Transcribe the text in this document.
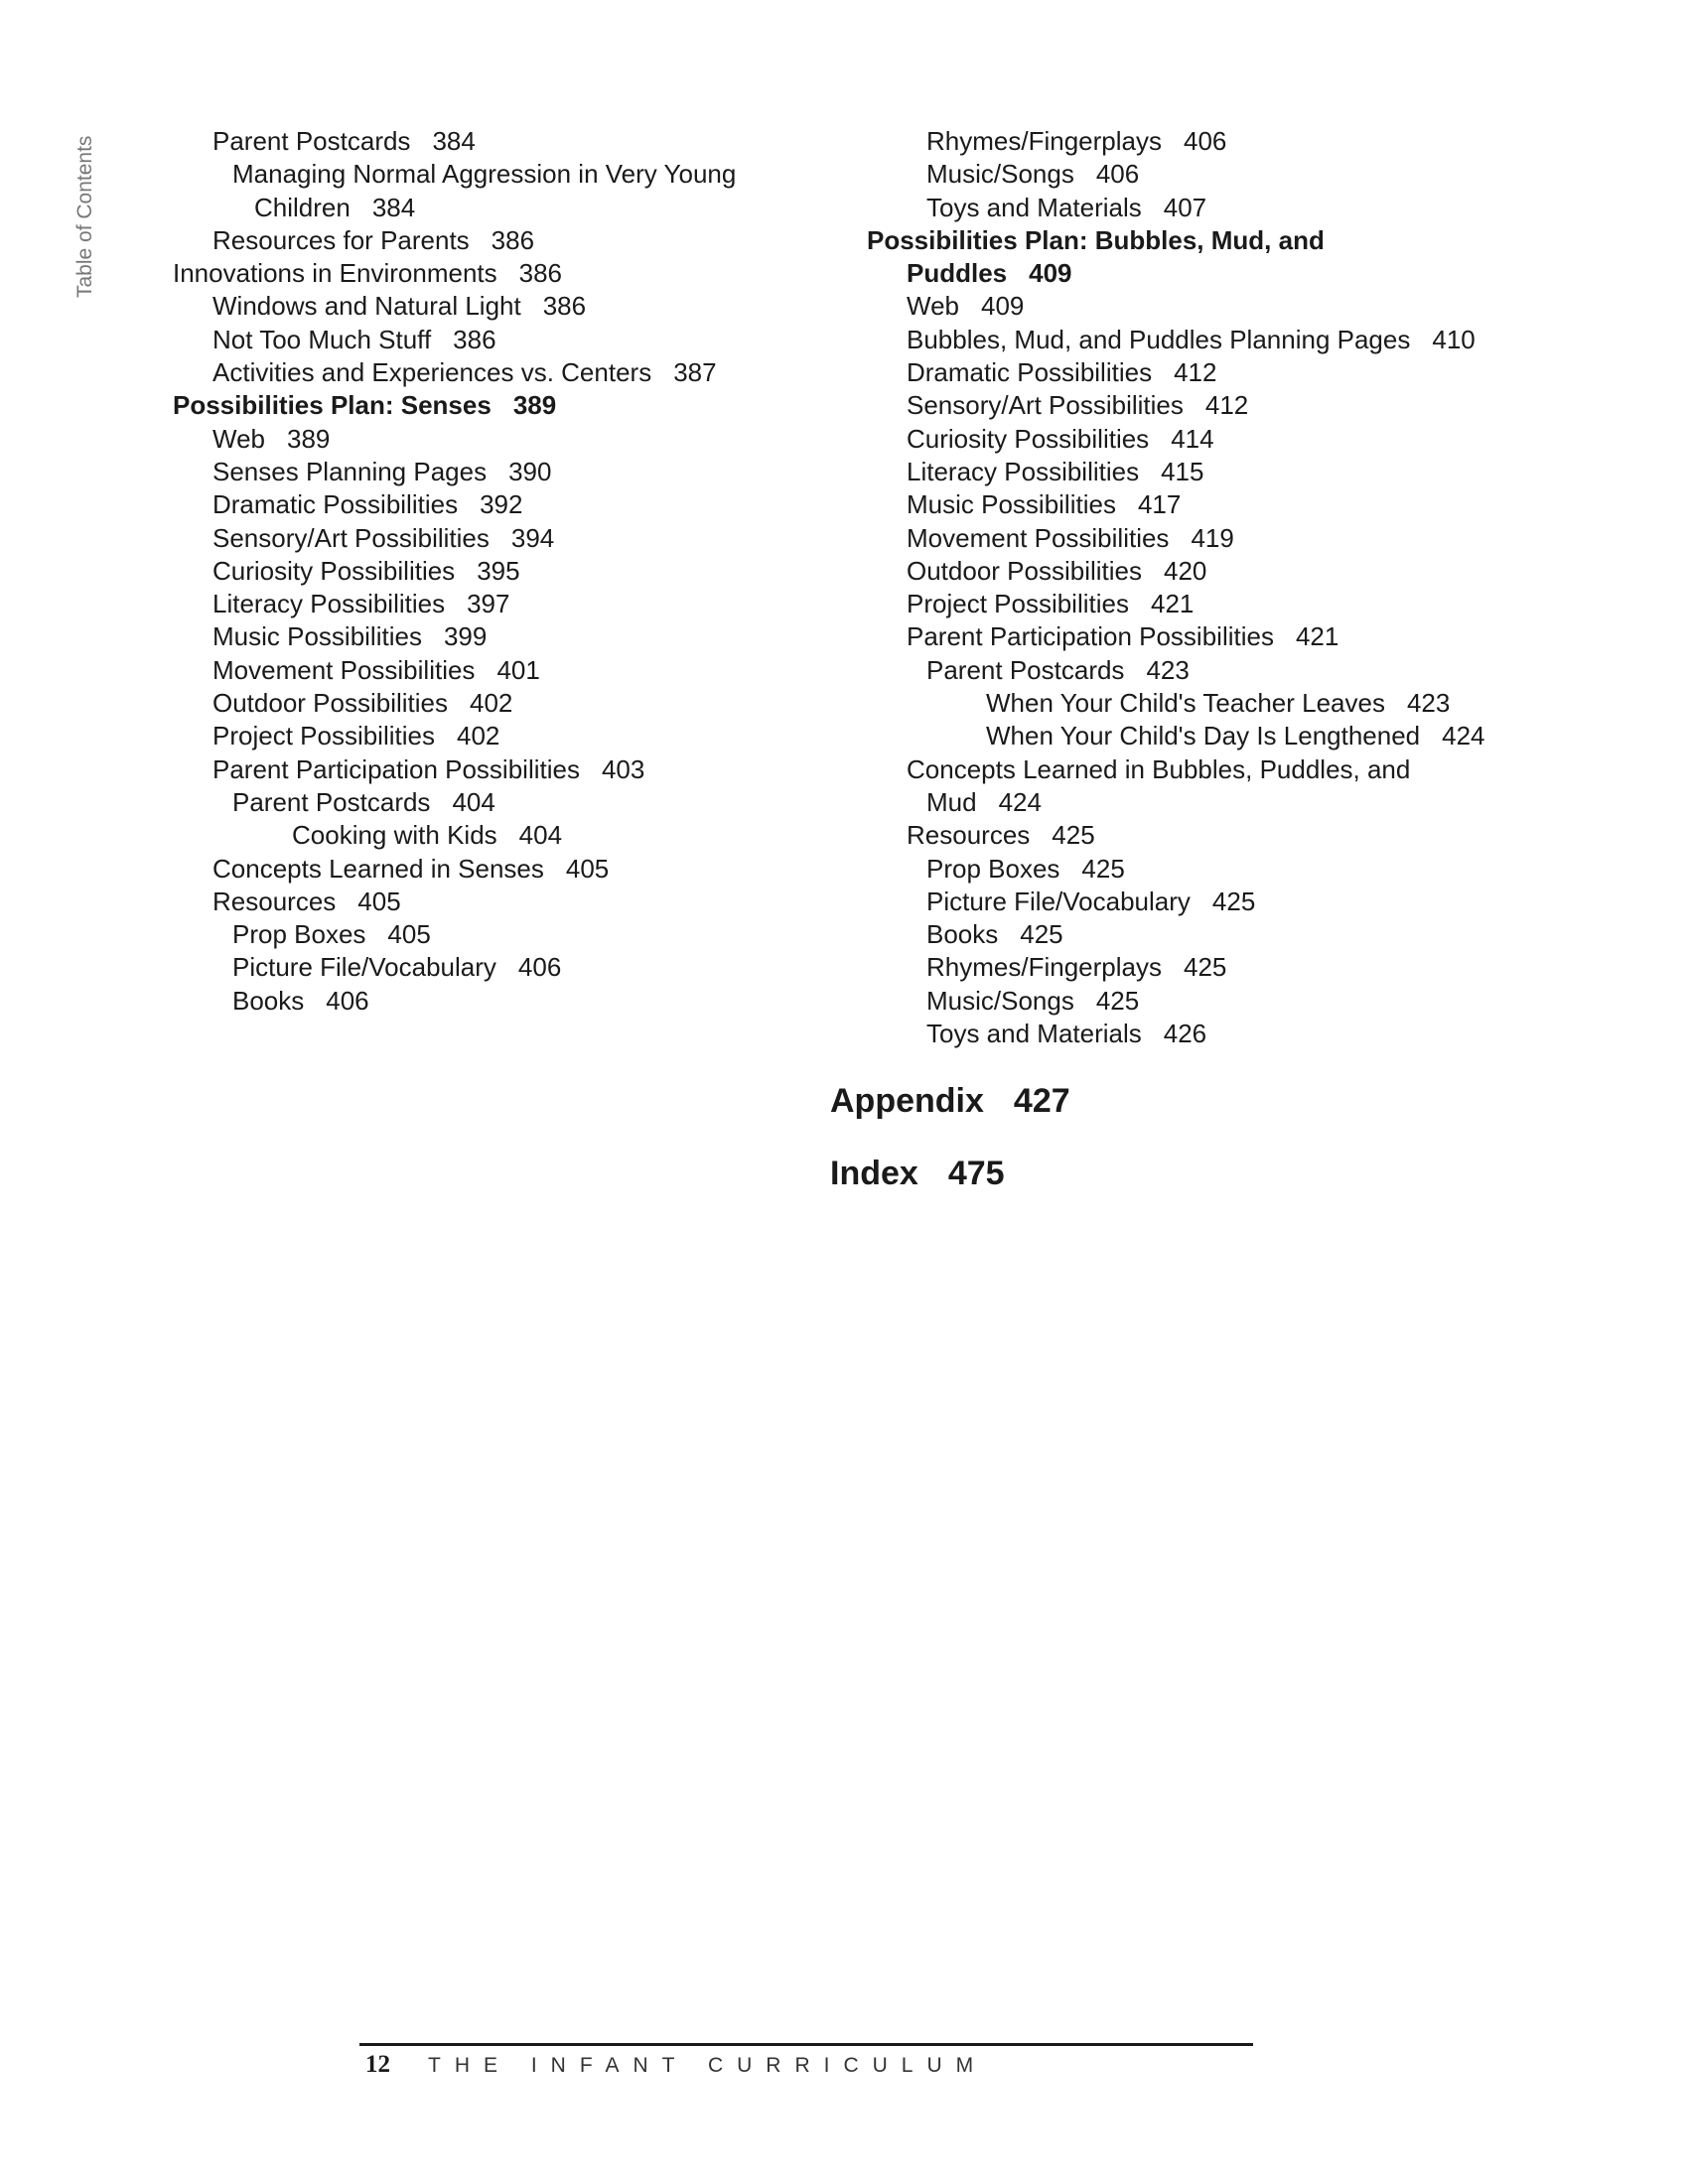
Table of Contents	Parent Postcards 384
Managing Normal Aggression in Very Young
Children 384
Resources for Parents 386
Innovations in Environments 386
Windows and Natural Light 386
Not Too Much Stuff 386
Activities and Experiences vs. Centers 387
Possibilities Plan: Senses 389
Web 389
Senses Planning Pages 390
Dramatic Possibilities 392
Sensory/Art Possibilities 394
Curiosity Possibilities 395
Literacy Possibilities 397
Music Possibilities 399
Movement Possibilities 401
Outdoor Possibilities 402
Project Possibilities 402
Parent Participation Possibilities 403
Parent Postcards 404
Cooking with Kids 404
Concepts Learned in Senses 405
Resources 405
Prop Boxes 405
Picture File/Vocabulary 406
Books 406
Rhymes/Fingerplays 406
Music/Songs 406
Toys and Materials 407
Possibilities Plan: Bubbles, Mud, and
Puddles 409
Web 409
Bubbles, Mud, and Puddles Planning Pages 410
Dramatic Possibilities 412
Sensory/Art Possibilities 412
Curiosity Possibilities 414
Literacy Possibilities 415
Music Possibilities 417
Movement Possibilities 419
Outdoor Possibilities 420
Project Possibilities 421
Parent Participation Possibilities 421
Parent Postcards 423
When Your Child's Teacher Leaves 423
When Your Child's Day Is Lengthened 424
Concepts Learned in Bubbles, Puddles, and
Mud 424
Resources 425
Prop Boxes 425
Picture File/Vocabulary 425
Books 425
Rhymes/Fingerplays 425
Music/Songs 425
Toys and Materials 426
Appendix 427
Index 475
12 THE INFANT CURRICULUM
